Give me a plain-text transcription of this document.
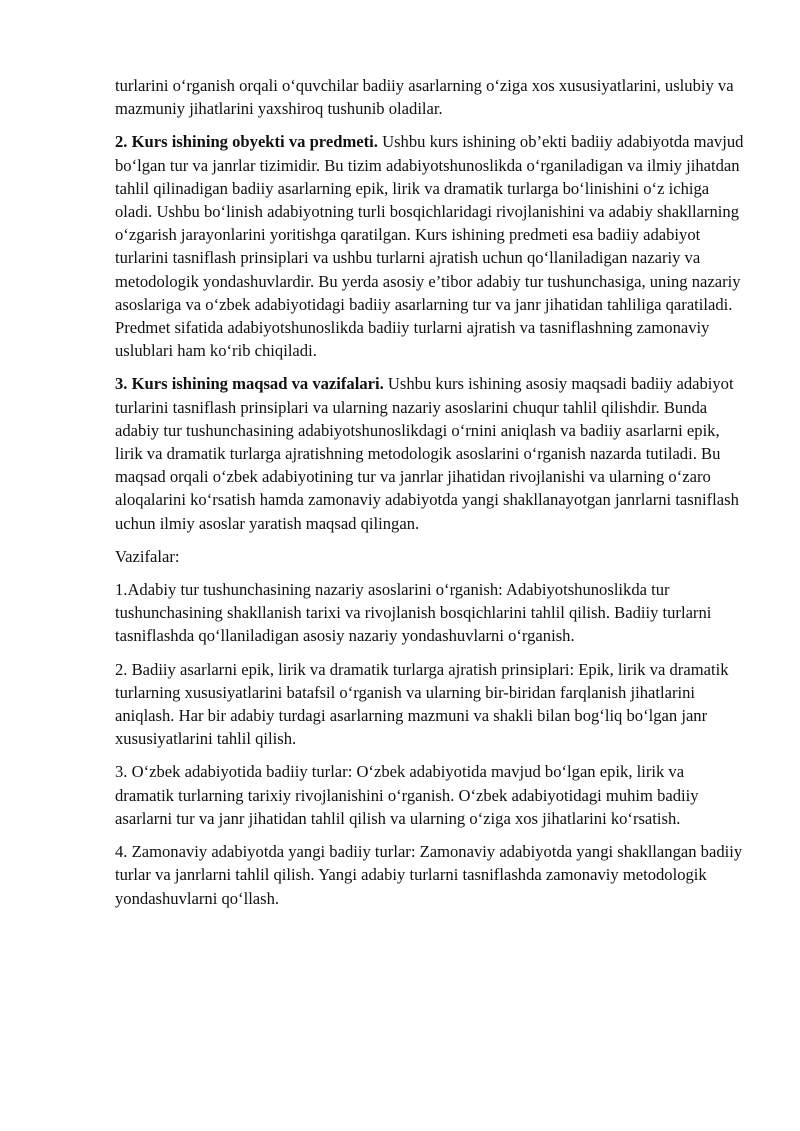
turlarini o‘rganish orqali o‘quvchilar badiiy asarlarning o‘ziga xos xususiyatlarini, uslubiy va mazmuniy jihatlarini yaxshiroq tushunib oladilar.

2. Kurs ishining obyekti va predmeti. Ushbu kurs ishining ob’ekti badiiy adabiyotda mavjud bo‘lgan tur va janrlar tizimidir. Bu tizim adabiyotshunoslikda o‘rganiladigan va ilmiy jihatdan tahlil qilinadigan badiiy asarlarning epik, lirik va dramatik turlarga bo‘linishini o‘z ichiga oladi. Ushbu bo‘linish adabiyotning turli bosqichlaridagi rivojlanishini va adabiy shakllarning o‘zgarish jarayonlarini yoritishga qaratilgan. Kurs ishining predmeti esa badiiy adabiyot turlarini tasniflash prinsiplari va ushbu turlarni ajratish uchun qo‘llaniladigan nazariy va metodologik yondashuvlardir. Bu yerda asosiy e’tibor adabiy tur tushunchasiga, uning nazariy asoslariga va o‘zbek adabiyotidagi badiiy asarlarning tur va janr jihatidan tahliliga qaratiladi. Predmet sifatida adabiyotshunoslikda badiiy turlarni ajratish va tasniflashning zamonaviy uslublari ham ko‘rib chiqiladi.

3. Kurs ishining maqsad va vazifalari. Ushbu kurs ishining asosiy maqsadi badiiy adabiyot turlarini tasniflash prinsiplari va ularning nazariy asoslarini chuqur tahlil qilishdir. Bunda adabiy tur tushunchasining adabiyotshunoslikdagi o‘rnini aniqlash va badiiy asarlarni epik, lirik va dramatik turlarga ajratishning metodologik asoslarini o‘rganish nazarda tutiladi. Bu maqsad orqali o‘zbek adabiyotining tur va janrlar jihatidan rivojlanishi va ularning o‘zaro aloqalarini ko‘rsatish hamda zamonaviy adabiyotda yangi shakllanayotgan janrlarni tasniflash uchun ilmiy asoslar yaratish maqsad qilingan.

Vazifalar:

1.Adabiy tur tushunchasining nazariy asoslarini o‘rganish: Adabiyotshunoslikda tur tushunchasining shakllanish tarixi va rivojlanish bosqichlarini tahlil qilish. Badiiy turlarni tasniflashda qo‘llaniladigan asosiy nazariy yondashuvlarni o‘rganish.

2. Badiiy asarlarni epik, lirik va dramatik turlarga ajratish prinsiplari: Epik, lirik va dramatik turlarning xususiyatlarini batafsil o‘rganish va ularning bir-biridan farqlanish jihatlarini aniqlash. Har bir adabiy turdagi asarlarning mazmuni va shakli bilan bog‘liq bo‘lgan janr xususiyatlarini tahlil qilish.

3. O‘zbek adabiyotida badiiy turlar: O‘zbek adabiyotida mavjud bo‘lgan epik, lirik va dramatik turlarning tarixiy rivojlanishini o‘rganish. O‘zbek adabiyotidagi muhim badiiy asarlarni tur va janr jihatidan tahlil qilish va ularning o‘ziga xos jihatlarini ko‘rsatish.

4. Zamonaviy adabiyotda yangi badiiy turlar: Zamonaviy adabiyotda yangi shakllangan badiiy turlar va janrlarni tahlil qilish. Yangi adabiy turlarni tasniflashda zamonaviy metodologik yondashuvlarni qo‘llash.
